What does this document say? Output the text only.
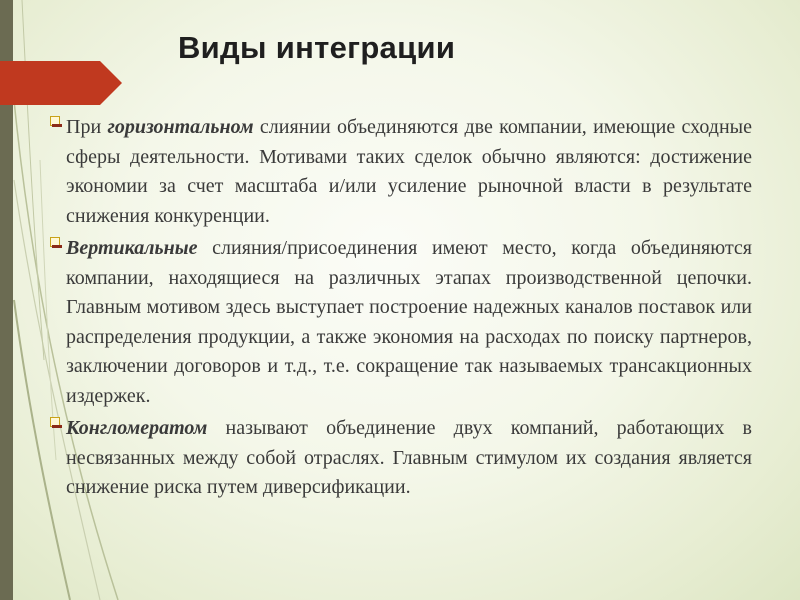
Виды интеграции

При горизонтальном слиянии объединяются две компании, имеющие сходные сферы деятельности. Мотивами таких сделок обычно являются: достижение экономии за счет масштаба и/или усиление рыночной власти в результате снижения конкуренции.

Вертикальные слияния/присоединения имеют место, когда объединяются компании, находящиеся на различных этапах производственной цепочки. Главным мотивом здесь выступает построение надежных каналов поставок или распределения продукции, а также экономия на расходах по поиску партнеров, заключении договоров и т.д., т.е. сокращение так называемых трансакционных издержек.

Конгломератом называют объединение двух компаний, работающих в несвязанных между собой отраслях. Главным стимулом их создания является снижение риска путем диверсификации.
